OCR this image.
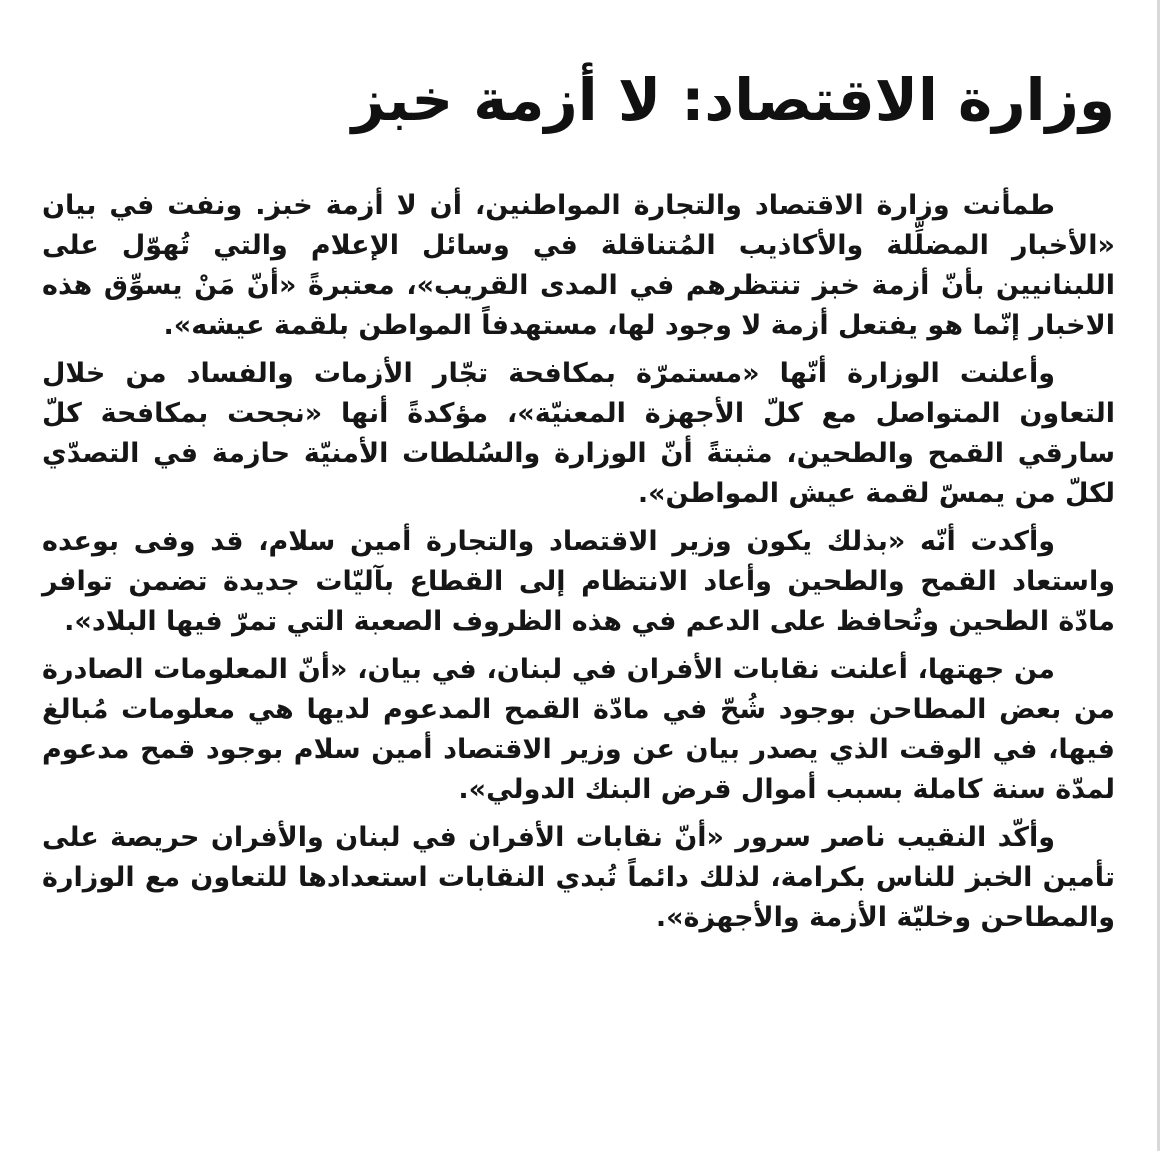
وزارة الاقتصاد: لا أزمة خبز

طمأنت وزارة الاقتصاد والتجارة المواطنين، أن لا أزمة خبز. ونفت في بيان «الأخبار المضلِّلة والأكاذيب المُتناقلة في وسائل الإعلام والتي تُهوّل على اللبنانيين بأنّ أزمة خبز تنتظرهم في المدى القريب»، معتبرةً «أنّ مَنْ يسوِّق هذه الاخبار إنّما هو يفتعل أزمة لا وجود لها، مستهدفاً المواطن بلقمة عيشه».

وأعلنت الوزارة أنّها «مستمرّة بمكافحة تجّار الأزمات والفساد من خلال التعاون المتواصل مع كلّ الأجهزة المعنيّة»، مؤكدةً أنها «نجحت بمكافحة كلّ سارقي القمح والطحين، مثبتةً أنّ الوزارة والسُلطات الأمنيّة حازمة في التصدّي لكلّ من يمسّ لقمة عيش المواطن».

وأكدت أنّه «بذلك يكون وزير الاقتصاد والتجارة أمين سلام، قد وفى بوعده واستعاد القمح والطحين وأعاد الانتظام إلى القطاع بآليّات جديدة تضمن توافر مادّة الطحين وتُحافظ على الدعم في هذه الظروف الصعبة التي تمرّ فيها البلاد».

من جهتها، أعلنت نقابات الأفران في لبنان، في بيان، «أنّ المعلومات الصادرة من بعض المطاحن بوجود شُحّ في مادّة القمح المدعوم لديها هي معلومات مُبالغ فيها، في الوقت الذي يصدر بيان عن وزير الاقتصاد أمين سلام بوجود قمح مدعوم لمدّة سنة كاملة بسبب أموال قرض البنك الدولي».

وأكّد النقيب ناصر سرور «أنّ نقابات الأفران في لبنان والأفران حريصة على تأمين الخبز للناس بكرامة، لذلك دائماً تُبدي النقابات استعدادها للتعاون مع الوزارة والمطاحن وخليّة الأزمة والأجهزة».
